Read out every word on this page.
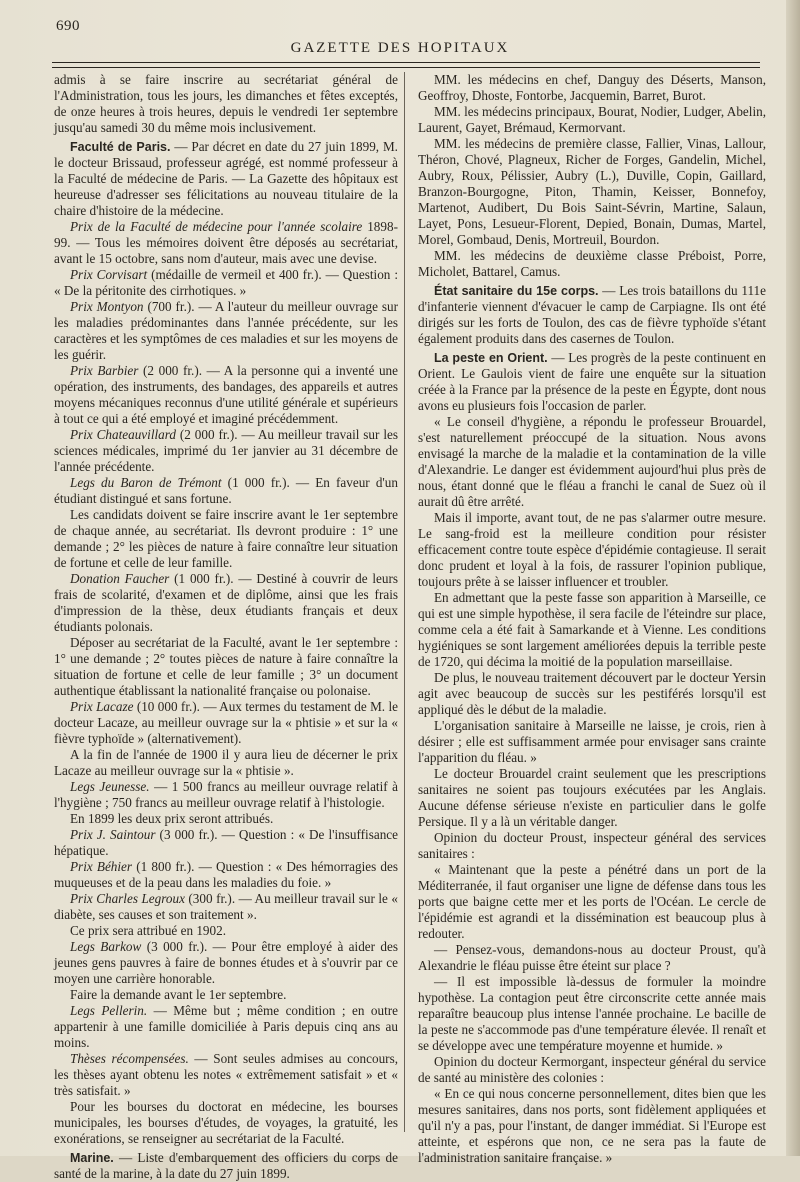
690
GAZETTE DES HOPITAUX

admis à se faire inscrire au secrétariat général de l'Administration, tous les jours, les dimanches et fêtes exceptés, de onze heures à trois heures, depuis le vendredi 1er septembre jusqu'au samedi 30 du même mois inclusivement.

Faculté de Paris. — Par décret en date du 27 juin 1899, M. le docteur Brissaud, professeur agrégé, est nommé professeur à la Faculté de médecine de Paris. — La Gazette des hôpitaux est heureuse d'adresser ses félicitations au nouveau titulaire de la chaire d'histoire de la médecine.

Prix de la Faculté de médecine pour l'année scolaire 1898-99. — Tous les mémoires doivent être déposés au secrétariat, avant le 15 octobre, sans nom d'auteur, mais avec une devise.

Prix Corvisart (médaille de vermeil et 400 fr.). — Question : « De la péritonite des cirrhotiques. »

Prix Montyon (700 fr.). — A l'auteur du meilleur ouvrage sur les maladies prédominantes dans l'année précédente, sur les caractères et les symptômes de ces maladies et sur les moyens de les guérir.

Prix Barbier (2 000 fr.). — A la personne qui a inventé une opération, des instruments, des bandages, des appareils et autres moyens mécaniques reconnus d'une utilité générale et supérieurs à tout ce qui a été employé et imaginé précédemment.

Prix Chateauvillard (2 000 fr.). — Au meilleur travail sur les sciences médicales, imprimé du 1er janvier au 31 décembre de l'année précédente.

Legs du Baron de Trémont (1 000 fr.). — En faveur d'un étudiant distingué et sans fortune.

Les candidats doivent se faire inscrire avant le 1er septembre de chaque année, au secrétariat. Ils devront produire : 1° une demande ; 2° les pièces de nature à faire connaître leur situation de fortune et celle de leur famille.

Donation Faucher (1 000 fr.). — Destiné à couvrir de leurs frais de scolarité, d'examen et de diplôme, ainsi que les frais d'impression de la thèse, deux étudiants français et deux étudiants polonais.

Déposer au secrétariat de la Faculté, avant le 1er septembre : 1° une demande ; 2° toutes pièces de nature à faire connaître la situation de fortune et celle de leur famille ; 3° un document authentique établissant la nationalité française ou polonaise.

Prix Lacaze (10 000 fr.). — Aux termes du testament de M. le docteur Lacaze, au meilleur ouvrage sur la « phtisie » et sur la « fièvre typhoïde » (alternativement).

A la fin de l'année de 1900 il y aura lieu de décerner le prix Lacaze au meilleur ouvrage sur la « phtisie ».

Legs Jeunesse. — 1 500 francs au meilleur ouvrage relatif à l'hygiène ; 750 francs au meilleur ouvrage relatif à l'histologie.

En 1899 les deux prix seront attribués.

Prix J. Saintour (3 000 fr.). — Question : « De l'insuffisance hépatique.

Prix Béhier (1 800 fr.). — Question : « Des hémorragies des muqueuses et de la peau dans les maladies du foie. »

Prix Charles Legroux (300 fr.). — Au meilleur travail sur le « diabète, ses causes et son traitement ».

Ce prix sera attribué en 1902.

Legs Barkow (3 000 fr.). — Pour être employé à aider des jeunes gens pauvres à faire de bonnes études et à s'ouvrir par ce moyen une carrière honorable.

Faire la demande avant le 1er septembre.

Legs Pellerin. — Même but ; même condition ; en outre appartenir à une famille domiciliée à Paris depuis cinq ans au moins.

Thèses récompensées. — Sont seules admises au concours, les thèses ayant obtenu les notes « extrêmement satisfait » et « très satisfait. »

Pour les bourses du doctorat en médecine, les bourses municipales, les bourses d'études, de voyages, la gratuité, les exonérations, se renseigner au secrétariat de la Faculté.

Marine. — Liste d'embarquement des officiers du corps de santé de la marine, à la date du 27 juin 1899.

MM. les médecins en chef, Danguy des Déserts, Manson, Geoffroy, Dhoste, Fontorbe, Jacquemin, Barret, Burot.

MM. les médecins principaux, Bourat, Nodier, Ludger, Abelin, Laurent, Gayet, Brémaud, Kermorvant.

MM. les médecins de première classe, Fallier, Vinas, Lallour, Théron, Chové, Plagneux, Richer de Forges, Gandelin, Michel, Aubry, Roux, Pélissier, Aubry (L.), Duville, Copin, Gaillard, Branzon-Bourgogne, Piton, Thamin, Keisser, Bonnefoy, Martenot, Audibert, Du Bois Saint-Sévrin, Martine, Salaun, Layet, Pons, Lesueur-Florent, Depied, Bonain, Dumas, Martel, Morel, Gombaud, Denis, Mortreuil, Bourdon.

MM. les médecins de deuxième classe Préboist, Porre, Micholet, Battarel, Camus.

État sanitaire du 15e corps. — Les trois bataillons du 111e d'infanterie viennent d'évacuer le camp de Carpiagne. Ils ont été dirigés sur les forts de Toulon, des cas de fièvre typhoïde s'étant également produits dans des casernes de Toulon.

La peste en Orient. — Les progrès de la peste continuent en Orient. Le Gaulois vient de faire une enquête sur la situation créée à la France par la présence de la peste en Égypte, dont nous avons eu plusieurs fois l'occasion de parler.

« Le conseil d'hygiène, a répondu le professeur Brouardel, s'est naturellement préoccupé de la situation. Nous avons envisagé la marche de la maladie et la contamination de la ville d'Alexandrie. Le danger est évidemment aujourd'hui plus près de nous, étant donné que le fléau a franchi le canal de Suez où il aurait dû être arrêté.

Mais il importe, avant tout, de ne pas s'alarmer outre mesure. Le sang-froid est la meilleure condition pour résister efficacement contre toute espèce d'épidémie contagieuse. Il serait donc prudent et loyal à la fois, de rassurer l'opinion publique, toujours prête à se laisser influencer et troubler.

En admettant que la peste fasse son apparition à Marseille, ce qui est une simple hypothèse, il sera facile de l'éteindre sur place, comme cela a été fait à Samarkande et à Vienne. Les conditions hygiéniques se sont largement améliorées depuis la terrible peste de 1720, qui décima la moitié de la population marseillaise.

De plus, le nouveau traitement découvert par le docteur Yersin agit avec beaucoup de succès sur les pestiférés lorsqu'il est appliqué dès le début de la maladie.

L'organisation sanitaire à Marseille ne laisse, je crois, rien à désirer ; elle est suffisamment armée pour envisager sans crainte l'apparition du fléau. »

Le docteur Brouardel craint seulement que les prescriptions sanitaires ne soient pas toujours exécutées par les Anglais. Aucune défense sérieuse n'existe en particulier dans le golfe Persique. Il y a là un véritable danger.

Opinion du docteur Proust, inspecteur général des services sanitaires :

« Maintenant que la peste a pénétré dans un port de la Méditerranée, il faut organiser une ligne de défense dans tous les ports que baigne cette mer et les ports de l'Océan. Le cercle de l'épidémie est agrandi et la dissémination est beaucoup plus à redouter.

— Pensez-vous, demandons-nous au docteur Proust, qu'à Alexandrie le fléau puisse être éteint sur place ?

— Il est impossible là-dessus de formuler la moindre hypothèse. La contagion peut être circonscrite cette année mais reparaître beaucoup plus intense l'année prochaine. Le bacille de la peste ne s'accommode pas d'une température élevée. Il renaît et se développe avec une température moyenne et humide. »

Opinion du docteur Kermorgant, inspecteur général du service de santé au ministère des colonies :

« En ce qui nous concerne personnellement, dites bien que les mesures sanitaires, dans nos ports, sont fidèlement appliquées et qu'il n'y a pas, pour l'instant, de danger immédiat. Si l'Europe est atteinte, et espérons que non, ce ne sera pas la faute de l'administration sanitaire française. »
